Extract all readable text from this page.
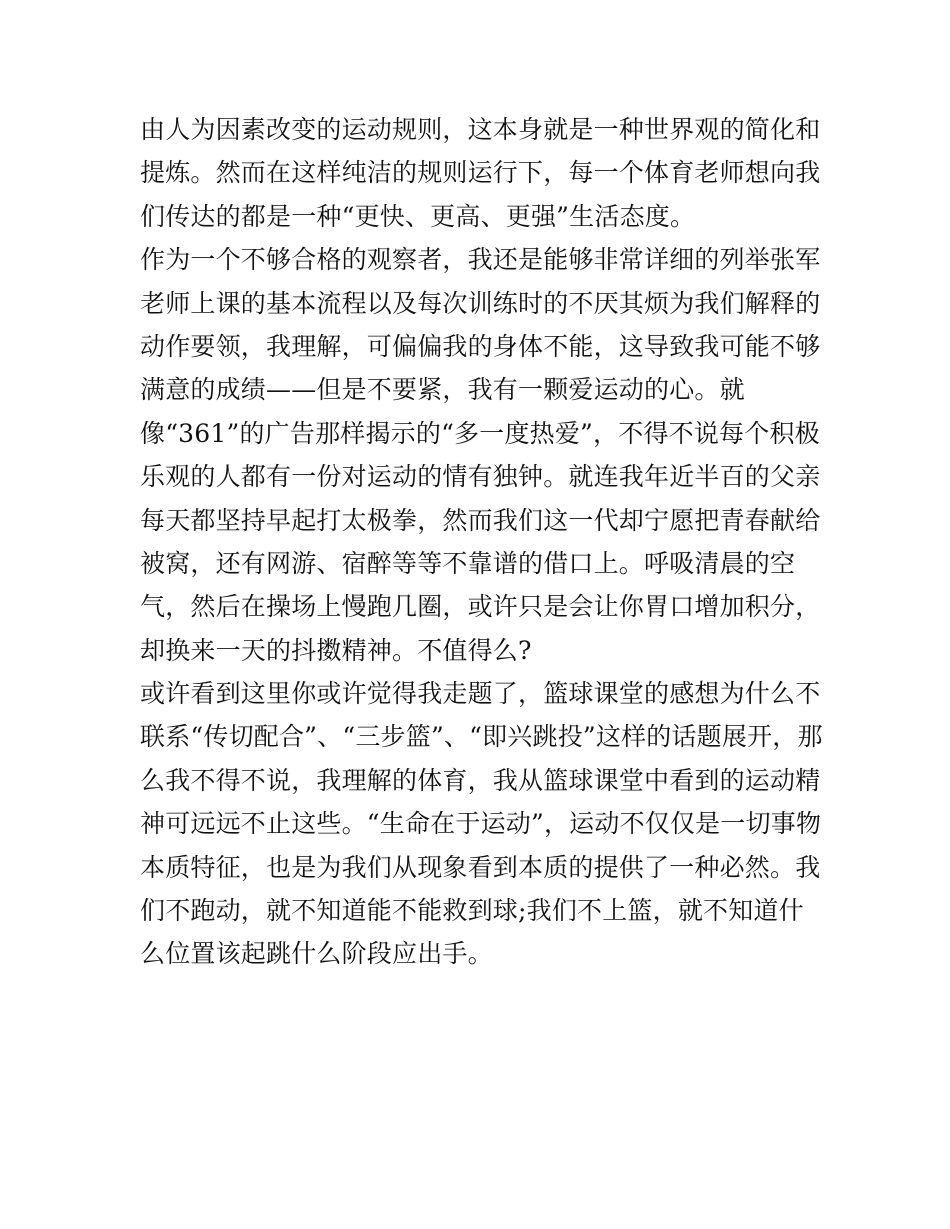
由人为因素改变的运动规则，这本身就是一种世界观的简化和
提炼。然而在这样纯洁的规则运行下，每一个体育老师想向我
们传达的都是一种“更快、更高、更强”生活态度。
作为一个不够合格的观察者，我还是能够非常详细的列举张军
老师上课的基本流程以及每次训练时的不厌其烦为我们解释的
动作要领，我理解，可偏偏我的身体不能，这导致我可能不够
满意的成绩——但是不要紧，我有一颗爱运动的心。就
像“361”的广告那样揭示的“多一度热爱”，不得不说每个积极
乐观的人都有一份对运动的情有独钟。就连我年近半百的父亲
每天都坚持早起打太极拳，然而我们这一代却宁愿把青春献给
被窝，还有网游、宿醉等等不靠谱的借口上。呼吸清晨的空
气，然后在操场上慢跑几圈，或许只是会让你胃口增加积分，
却换来一天的抖擞精神。不值得么?
或许看到这里你或许觉得我走题了，篮球课堂的感想为什么不
联系“传切配合”、“三步篮”、“即兴跳投”这样的话题展开，那
么我不得不说，我理解的体育，我从篮球课堂中看到的运动精
神可远远不止这些。“生命在于运动”，运动不仅仅是一切事物
本质特征，也是为我们从现象看到本质的提供了一种必然。我
们不跑动，就不知道能不能救到球;我们不上篮，就不知道什
么位置该起跳什么阶段应出手。
